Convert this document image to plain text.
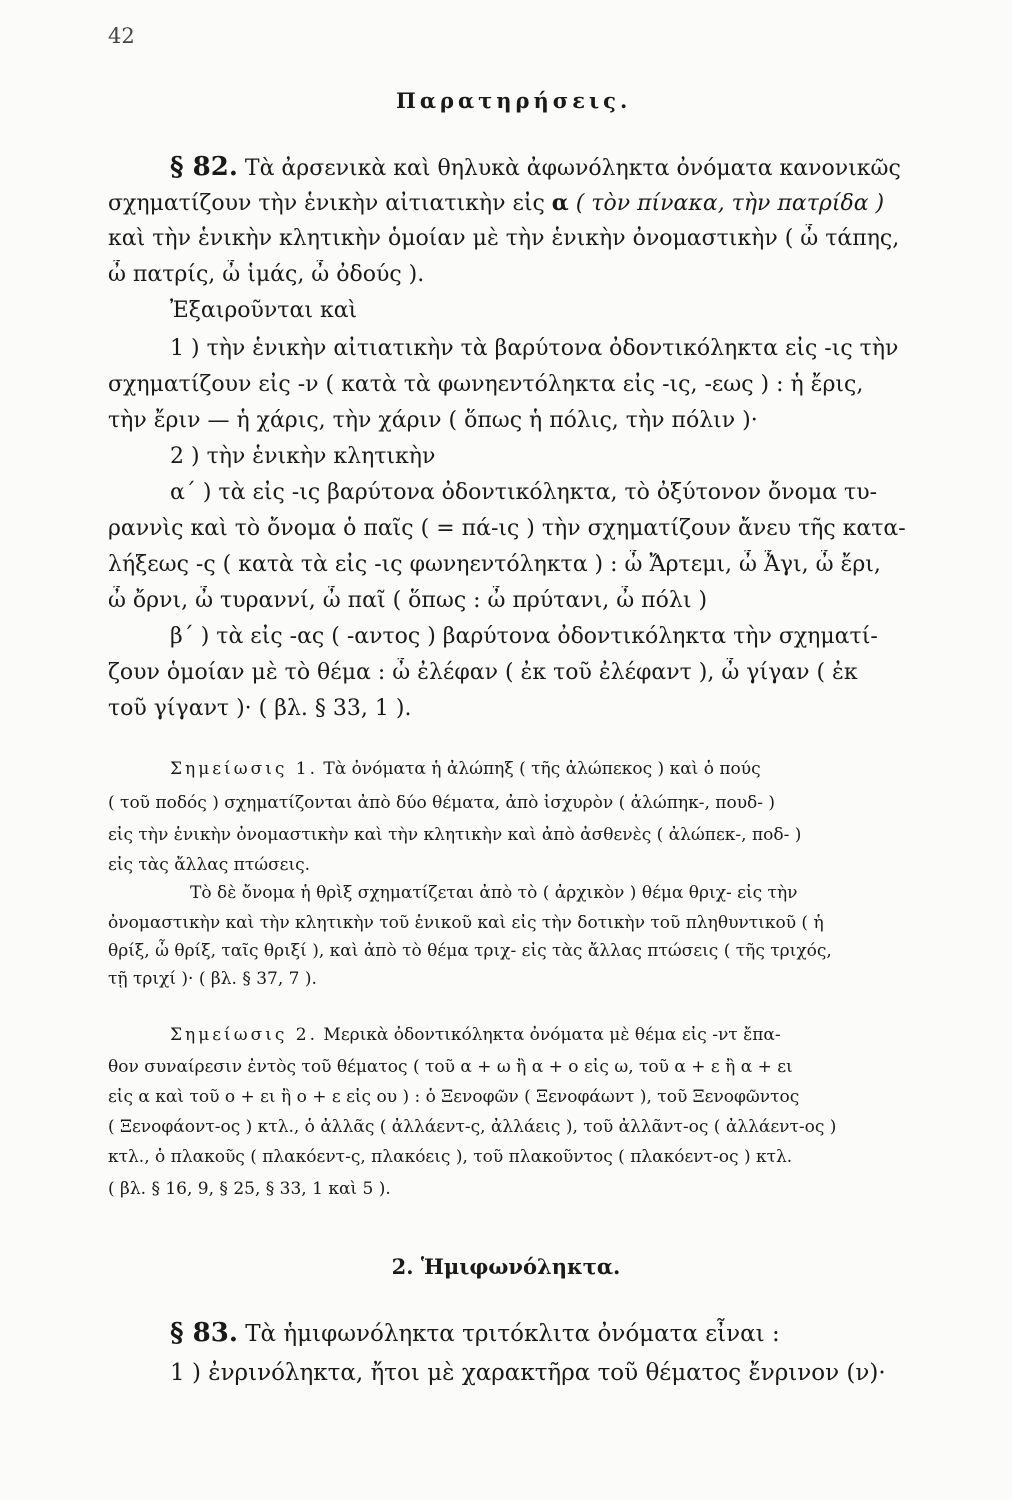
42
Παρατηρήσεις.
§ 82. Τὰ ἀρσενικὰ καὶ θηλυκὰ ἀφωνόληκτα ὀνόματα κανονικῶς
σχηματίζουν τὴν ἑνικὴν αἰτιατικὴν εἰς α ( τὸν πίνακα, τὴν πατρίδα )
καὶ τὴν ἑνικὴν κλητικὴν ὁμοίαν μὲ τὴν ἑνικὴν ὀνομαστικὴν ( ὦ τάπης,
ὦ πατρίς, ὦ ἱμάς, ὦ ὀδούς ).
Ἐξαιροῦνται καὶ
1 ) τὴν ἑνικὴν αἰτιατικὴν τὰ βαρύτονα ὀδοντικόληκτα εἰς -ις τὴν
σχηματίζουν εἰς -ν ( κατὰ τὰ φωνηεντόληκτα εἰς -ις, -εως ) : ἡ ἔρις,
τὴν ἔριν — ἡ χάρις, τὴν χάριν ( ὅπως ἡ πόλις, τὴν πόλιν )·
2 ) τὴν ἑνικὴν κλητικὴν
α΄ ) τὰ εἰς -ις βαρύτονα ὀδοντικόληκτα, τὸ ὀξύτονον ὄνομα τυ-
ραννὶς καὶ τὸ ὄνομα ὁ παῖς ( = πά-ις ) τὴν σχηματίζουν ἄνευ τῆς κατα-
λήξεως -ς ( κατὰ τὰ εἰς -ις φωνηεντόληκτα ) : ὦ Ἄρτεμι, ὦ Ἆγι, ὦ ἔρι,
ὦ ὄρνι, ὦ τυραννί, ὦ παῖ ( ὅπως : ὦ πρύτανι, ὦ πόλι )
β΄ ) τὰ εἰς -ας ( -αντος ) βαρύτονα ὀδοντικόληκτα τὴν σχηματί-
ζουν ὁμοίαν μὲ τὸ θέμα : ὦ ἐλέφαν ( ἐκ τοῦ ἐλέφαντ ), ὦ γίγαν ( ἐκ
τοῦ γίγαντ )· ( βλ. § 33, 1 ).
Σημείωσις 1. Τὰ ὀνόματα ἡ ἀλώπηξ ( τῆς ἀλώπεκος ) καὶ ὁ πούς
( τοῦ ποδός ) σχηματίζονται ἀπὸ δύο θέματα, ἀπὸ ἰσχυρὸν ( ἀλώπηκ-, πουδ- )
εἰς τὴν ἑνικὴν ὀνομαστικὴν καὶ τὴν κλητικὴν καὶ ἀπὸ ἀσθενὲς ( ἀλώπεκ-, ποδ- )
εἰς τὰς ἄλλας πτώσεις.
Τὸ δὲ ὄνομα ἡ θρὶξ σχηματίζεται ἀπὸ τὸ ( ἀρχικὸν ) θέμα θριχ- εἰς τὴν
ὀνομαστικὴν καὶ τὴν κλητικὴν τοῦ ἑνικοῦ καὶ εἰς τὴν δοτικὴν τοῦ πληθυντικοῦ ( ἡ
θρίξ, ὦ θρίξ, ταῖς θριξί ), καὶ ἀπὸ τὸ θέμα τριχ- εἰς τὰς ἄλλας πτώσεις ( τῆς τριχός,
τῇ τριχί )· ( βλ. § 37, 7 ).
Σημείωσις 2. Μερικὰ ὀδοντικόληκτα ὀνόματα μὲ θέμα εἰς -ντ ἔπα-
θον συναίρεσιν ἐντὸς τοῦ θέματος ( τοῦ α + ω ἢ α + ο εἰς ω, τοῦ α + ε ἢ α + ει
εἰς α καὶ τοῦ ο + ει ἢ ο + ε εἰς ου ) : ὁ Ξενοφῶν ( Ξενοφάωντ ), τοῦ Ξενοφῶντος
( Ξενοφάοντ-ος ) κτλ., ὁ ἀλλᾶς ( ἀλλάεντ-ς, ἀλλάεις ), τοῦ ἀλλᾶντ-ος ( ἀλλάεντ-ος )
κτλ., ὁ πλακοῦς ( πλακόεντ-ς, πλακόεις ), τοῦ πλακοῦντος ( πλακόεντ-ος ) κτλ.
( βλ. § 16, 9, § 25, § 33, 1 καὶ 5 ).
2. Ἡμιφωνόληκτα.
§ 83. Τὰ ἡμιφωνόληκτα τριτόκλιτα ὀνόματα εἶναι :
1 ) ἐνρινόληκτα, ἤτοι μὲ χαρακτῆρα τοῦ θέματος ἔνρινον (ν)·
